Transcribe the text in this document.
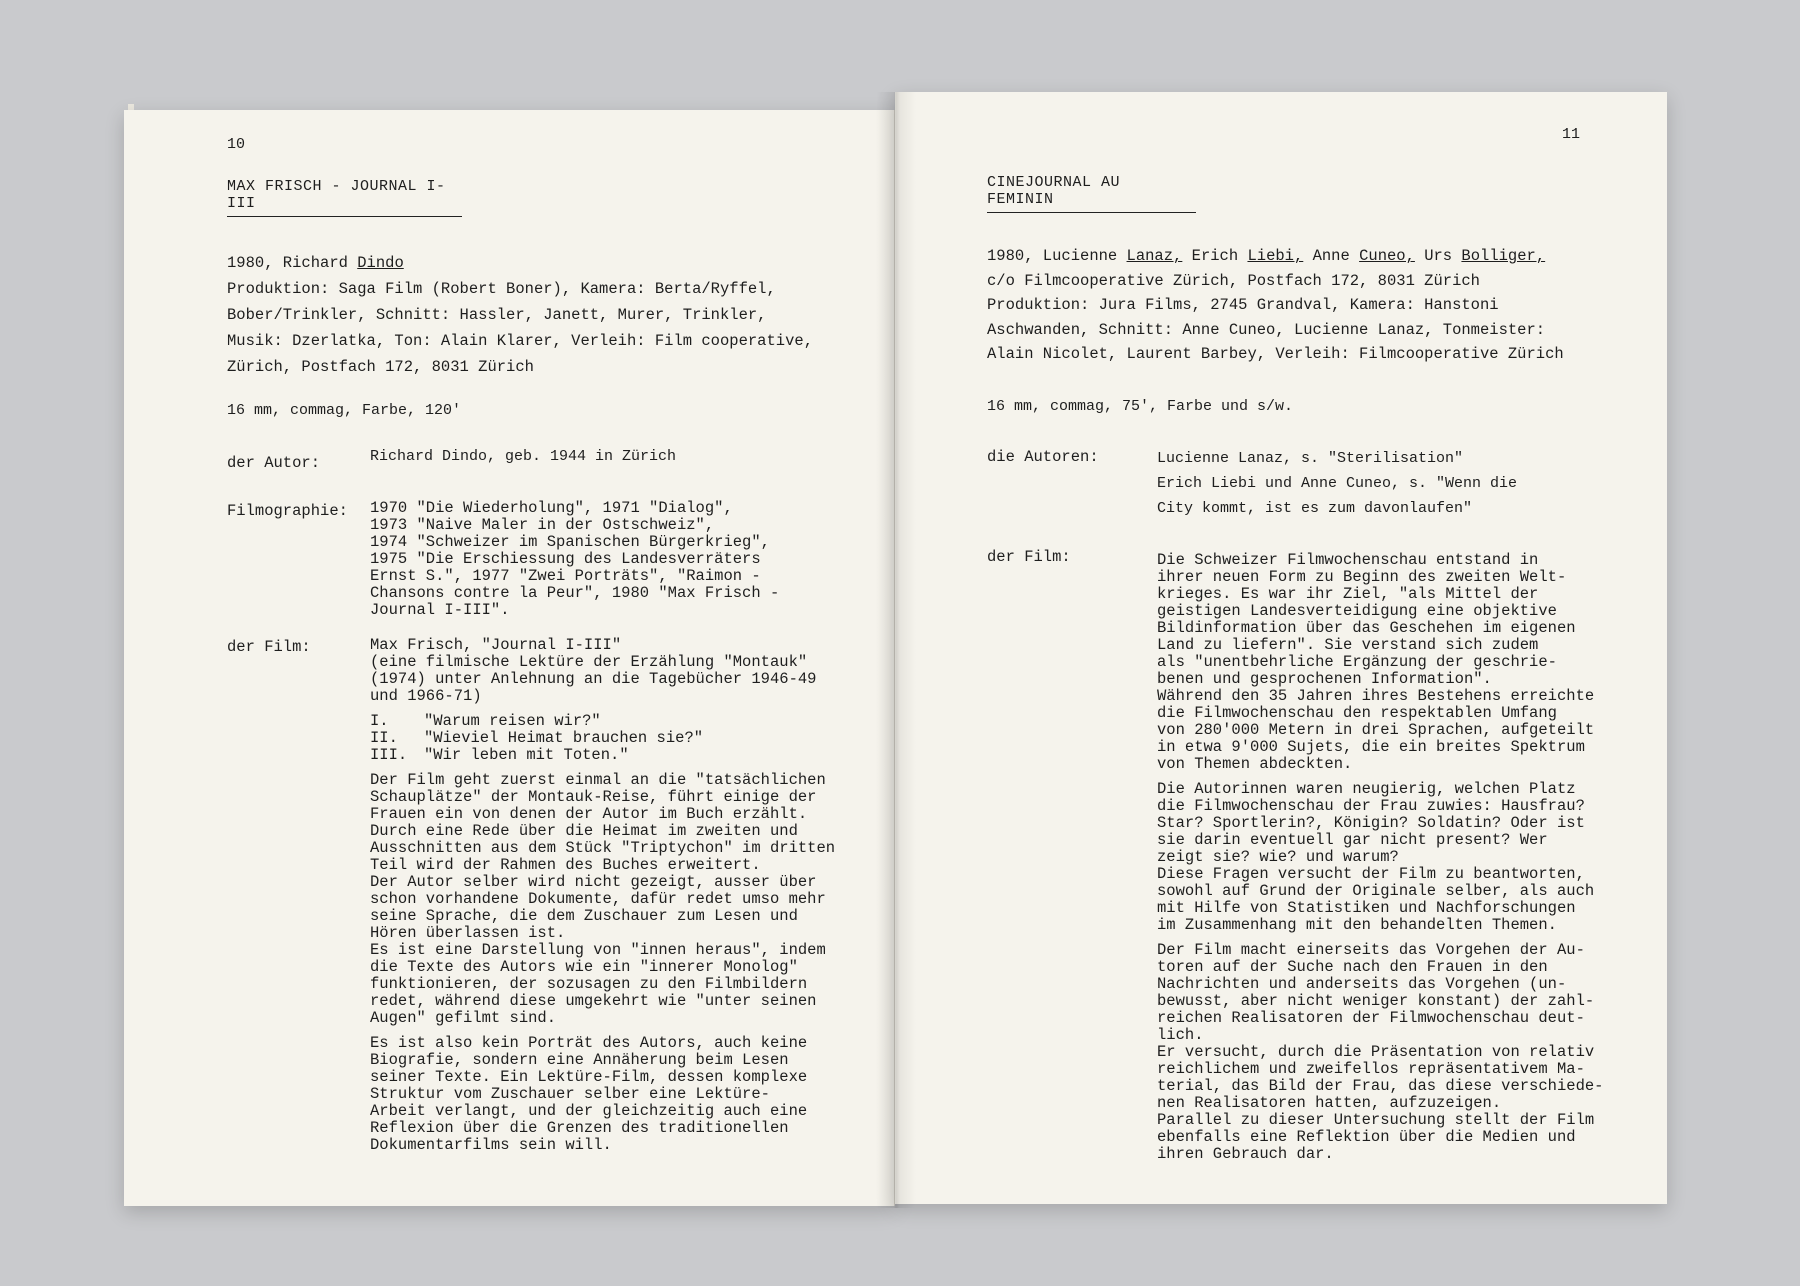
10
MAX FRISCH - JOURNAL I-III
1980, Richard Dindo
Produktion: Saga Film (Robert Boner), Kamera: Berta/Ryffel,
Bober/Trinkler, Schnitt: Hassler, Janett, Murer, Trinkler,
Musik: Dzerlatka, Ton: Alain Klarer, Verleih: Film cooperative,
Zürich, Postfach 172, 8031 Zürich
16 mm, commag, Farbe, 120'
der Autor:	Richard Dindo, geb. 1944 in Zürich
Filmographie: 1970 "Die Wiederholung", 1971 "Dialog",
1973 "Naive Maler in der Ostschweiz",
1974 "Schweizer im Spanischen Bürgerkrieg",
1975 "Die Erschiessung des Landesverräters
Ernst S.", 1977 "Zwei Porträts", "Raimon -
Chansons contre la Peur", 1980 "Max Frisch -
Journal I-III".
der Film:	Max Frisch, "Journal I-III"
(eine filmische Lektüre der Erzählung "Montauk"
(1974) unter Anlehnung an die Tagebücher 1946-49
und 1966-71)

I. "Warum reisen wir?"
II. "Wieviel Heimat brauchen sie?"
III. "Wir leben mit Toten."

Der Film geht zuerst einmal an die "tatsächlichen
Schauplätze" der Montauk-Reise, führt einige der
Frauen ein von denen der Autor im Buch erzählt.
Durch eine Rede über die Heimat im zweiten und
Ausschnitten aus dem Stück "Triptychon" im dritten
Teil wird der Rahmen des Buches erweitert.
Der Autor selber wird nicht gezeigt, ausser über
schon vorhandene Dokumente, dafür redet umso mehr
seine Sprache, die dem Zuschauer zum Lesen und
Hören überlassen ist.
Es ist eine Darstellung von "innen heraus", indem
die Texte des Autors wie ein "innerer Monolog"
funktionieren, der sozusagen zu den Filmbildern
redet, während diese umgekehrt wie "unter seinen
Augen" gefilmt sind.

Es ist also kein Porträt des Autors, auch keine
Biografie, sondern eine Annäherung beim Lesen
seiner Texte. Ein Lektüre-Film, dessen komplexe
Struktur vom Zuschauer selber eine Lektüre-
Arbeit verlangt, und der gleichzeitig auch eine
Reflexion über die Grenzen des traditionellen
Dokumentarfilms sein will.

11
CINEJOURNAL AU FEMININ
1980, Lucienne Lanaz, Erich Liebi, Anne Cuneo, Urs Bolliger,
c/o Filmcooperative Zürich, Postfach 172, 8031 Zürich
Produktion: Jura Films, 2745 Grandval, Kamera: Hanstoni
Aschwanden, Schnitt: Anne Cuneo, Lucienne Lanaz, Tonmeister:
Alain Nicolet, Laurent Barbey, Verleih: Filmcooperative Zürich
16 mm, commag, 75', Farbe und s/w.
die Autoren:	Lucienne Lanaz, s. "Sterilisation"
Erich Liebi und Anne Cuneo, s. "Wenn die
City kommt, ist es zum davonlaufen"
der Film:	Die Schweizer Filmwochenschau entstand in
ihrer neuen Form zu Beginn des zweiten Welt-
krieges. Es war ihr Ziel, "als Mittel der
geistigen Landesverteidigung eine objektive
Bildinformation über das Geschehen im eigenen
Land zu liefern". Sie verstand sich zudem
als "unentbehrliche Ergänzung der geschrie-
benen und gesprochenen Information".
Während den 35 Jahren ihres Bestehens erreichte
die Filmwochenschau den respektablen Umfang
von 280'000 Metern in drei Sprachen, aufgeteilt
in etwa 9'000 Sujets, die ein breites Spektrum
von Themen abdeckten.

Die Autorinnen waren neugierig, welchen Platz
die Filmwochenschau der Frau zuwies: Hausfrau?
Star? Sportlerin?, Königin? Soldatin? Oder ist
sie darin eventuell gar nicht present? Wer
zeigt sie? wie? und warum?
Diese Fragen versucht der Film zu beantworten,
sowohl auf Grund der Originale selber, als auch
mit Hilfe von Statistiken und Nachforschungen
im Zusammenhang mit den behandelten Themen.

Der Film macht einerseits das Vorgehen der Au-
toren auf der Suche nach den Frauen in den
Nachrichten und anderseits das Vorgehen (un-
bewusst, aber nicht weniger konstant) der zahl-
reichen Realisatoren der Filmwochenschau deut-
lich.
Er versucht, durch die Präsentation von relativ
reichlichem und zweifellos repräsentativem Ma-
terial, das Bild der Frau, das diese verschiede-
nen Realisatoren hatten, aufzuzeigen.
Parallel zu dieser Untersuchung stellt der Film
ebenfalls eine Reflektion über die Medien und
ihren Gebrauch dar.
